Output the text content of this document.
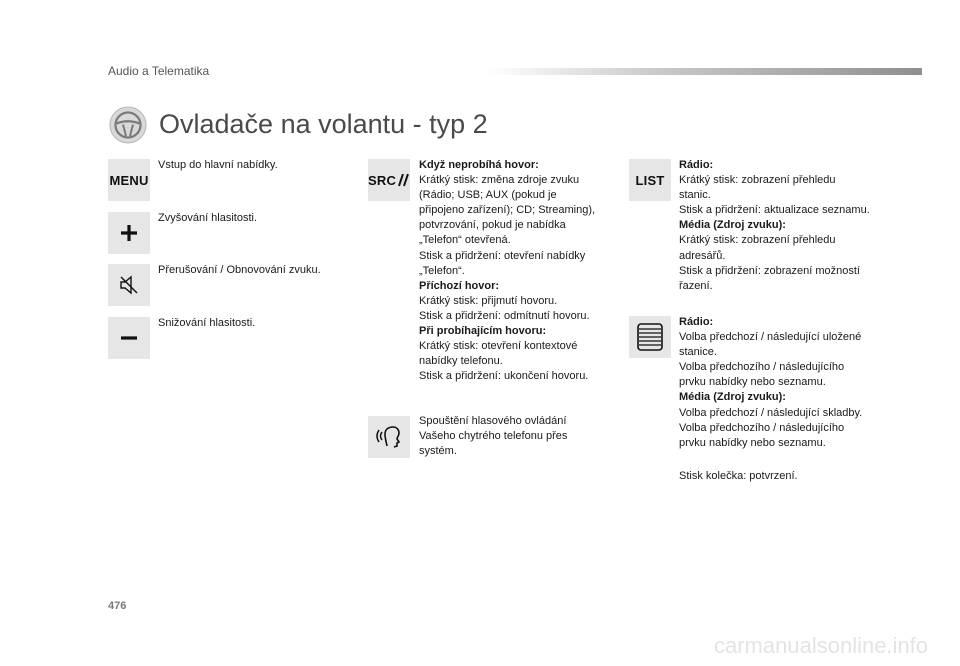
Audio a Telematika
Ovladače na volantu - typ 2
MENU
Vstup do hlavní nabídky.
Zvyšování hlasitosti.
Přerušování / Obnovování zvuku.
Snižování hlasitosti.
SRC
Když neprobíhá hovor:
Krátký stisk: změna zdroje zvuku
(Rádio; USB; AUX (pokud je
připojeno zařízení); CD; Streaming),
potvrzování, pokud je nabídka
„Telefon“ otevřená.
Stisk a přidržení: otevření nabídky
„Telefon“.
Příchozí hovor:
Krátký stisk: přijmutí hovoru.
Stisk a přidržení: odmítnutí hovoru.
Při probíhajícím hovoru:
Krátký stisk: otevření kontextové
nabídky telefonu.
Stisk a přidržení: ukončení hovoru.
Spouštění hlasového ovládání
Vašeho chytrého telefonu přes
systém.
LIST
Rádio:
Krátký stisk: zobrazení přehledu
stanic.
Stisk a přidržení: aktualizace seznamu.
Média (Zdroj zvuku):
Krátký stisk: zobrazení přehledu
adresářů.
Stisk a přidržení: zobrazení možností
řazení.
Rádio:
Volba předchozí / následující uložené
stanice.
Volba předchozího / následujícího
prvku nabídky nebo seznamu.
Média (Zdroj zvuku):
Volba předchozí / následující skladby.
Volba předchozího / následujícího
prvku nabídky nebo seznamu.
Stisk kolečka: potvrzení.
476
carmanualsonline.info
